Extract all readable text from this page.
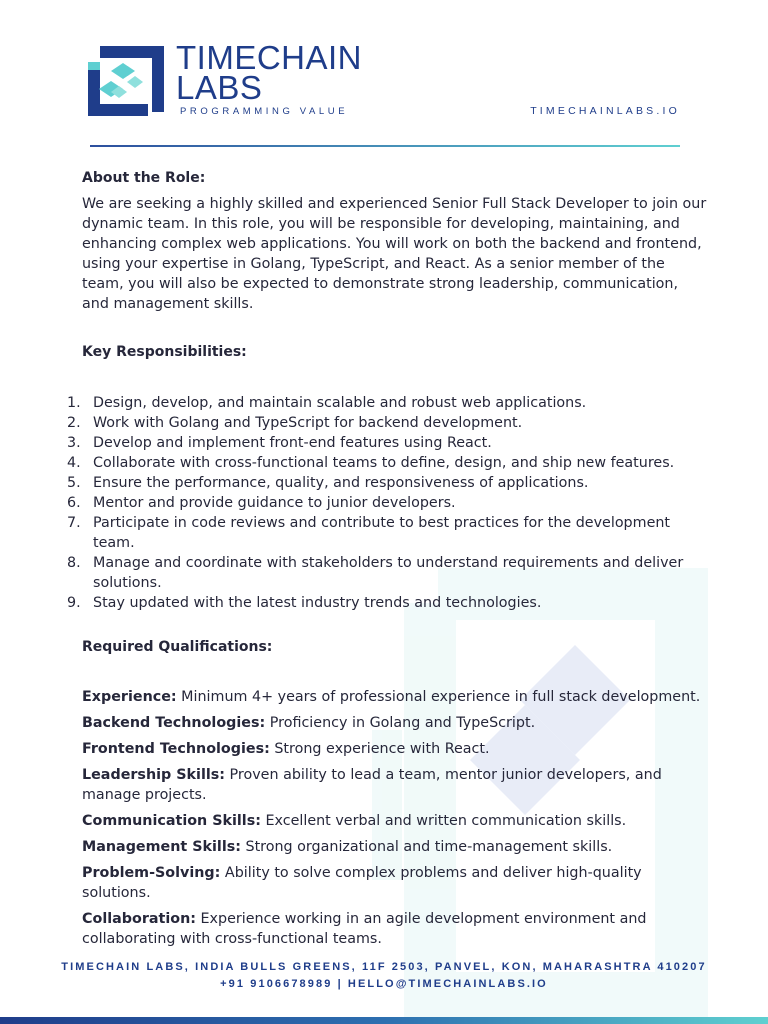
TIMECHAIN
LABS
PROGRAMMING VALUE	TIMECHAINLABS.IO
About the Role:

We are seeking a highly skilled and experienced Senior Full Stack Developer to join our dynamic team. In this role, you will be responsible for developing, maintaining, and enhancing complex web applications. You will work on both the backend and frontend, using your expertise in Golang, TypeScript, and React. As a senior member of the team, you will also be expected to demonstrate strong leadership, communication, and management skills.

Key Responsibilities:
1. Design, develop, and maintain scalable and robust web applications.
2. Work with Golang and TypeScript for backend development.
3. Develop and implement front-end features using React.
4. Collaborate with cross-functional teams to define, design, and ship new features.
5. Ensure the performance, quality, and responsiveness of applications.
6. Mentor and provide guidance to junior developers.
7. Participate in code reviews and contribute to best practices for the development team.
8. Manage and coordinate with stakeholders to understand requirements and deliver solutions.
9. Stay updated with the latest industry trends and technologies.
Required Qualifications:

Experience: Minimum 4+ years of professional experience in full stack development.

Backend Technologies: Proficiency in Golang and TypeScript.

Frontend Technologies: Strong experience with React.

Leadership Skills: Proven ability to lead a team, mentor junior developers, and manage projects.

Communication Skills: Excellent verbal and written communication skills.

Management Skills: Strong organizational and time-management skills.

Problem-Solving: Ability to solve complex problems and deliver high-quality solutions.

Collaboration: Experience working in an agile development environment and collaborating with cross-functional teams.

TIMECHAIN LABS, INDIA BULLS GREENS, 11F 2503, PANVEL, KON, MAHARASHTRA 410207
+91 9106678989 | HELLO@TIMECHAINLABS.IO
